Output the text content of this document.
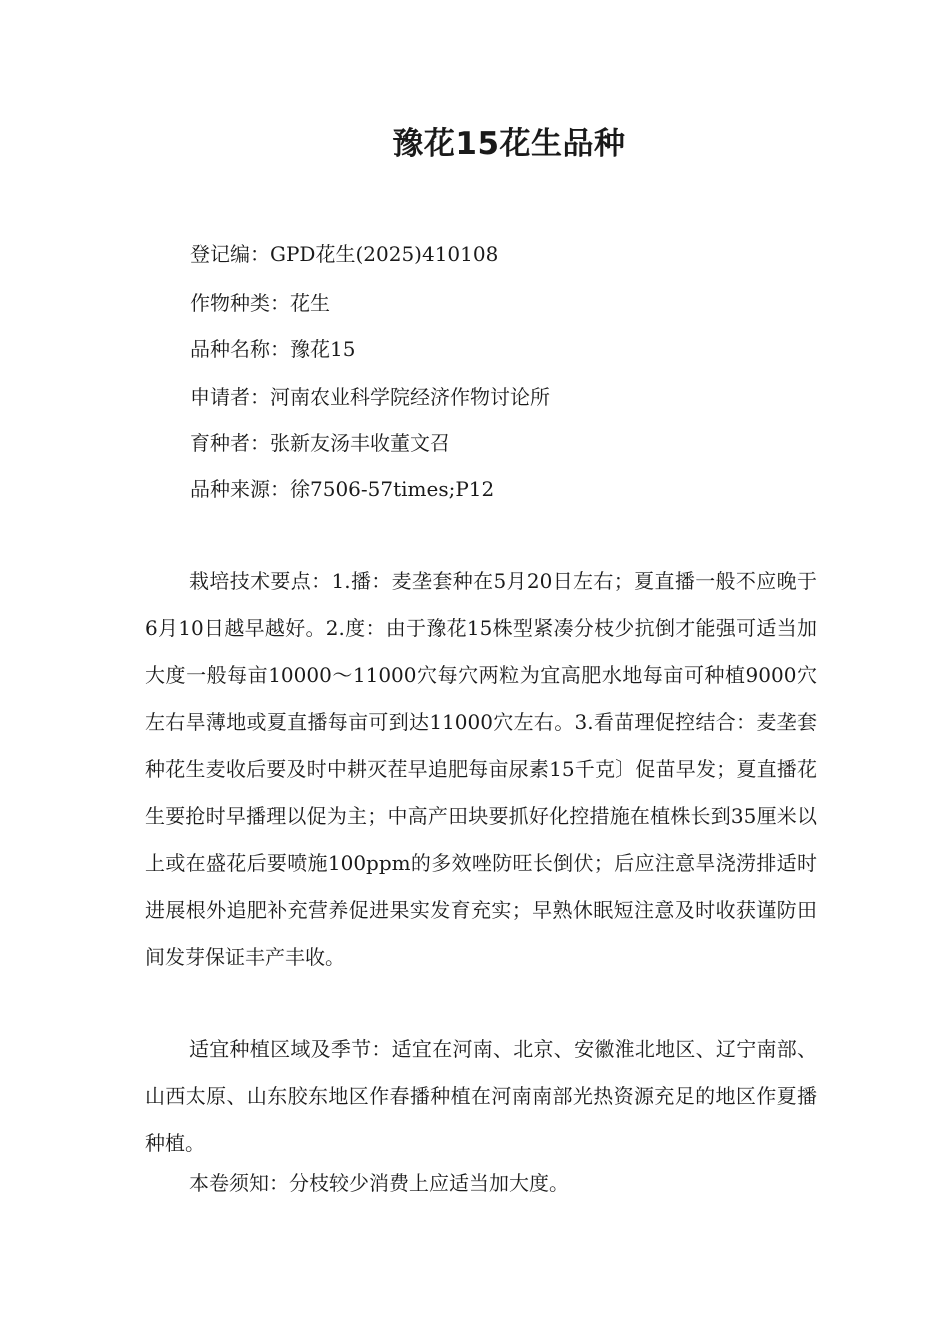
豫花15花生品种
登记编：GPD花生(2025)410108
作物种类：花生
品种名称：豫花15
申请者：河南农业科学院经济作物讨论所
育种者：张新友汤丰收董文召
品种来源：徐7506-57times;P12
栽培技术要点：1.播：麦垄套种在5月20日左右；夏直播一般不应晚于6月10日越早越好。2.度：由于豫花15株型紧凑分枝少抗倒才能强可适当加大度一般每亩10000～11000穴每穴两粒为宜高肥水地每亩可种植9000穴左右旱薄地或夏直播每亩可到达11000穴左右。3.看苗理促控结合：麦垄套种花生麦收后要及时中耕灭茬早追肥每亩尿素15千克〕促苗早发；夏直播花生要抢时早播理以促为主；中高产田块要抓好化控措施在植株长到35厘米以上或在盛花后要喷施100ppm的多效唑防旺长倒伏；后应注意旱浇涝排适时进展根外追肥补充营养促进果实发育充实；早熟休眠短注意及时收获谨防田间发芽保证丰产丰收。
适宜种植区域及季节：适宜在河南、北京、安徽淮北地区、辽宁南部、山西太原、山东胶东地区作春播种植在河南南部光热资源充足的地区作夏播种植。
本卷须知：分枝较少消费上应适当加大度。
